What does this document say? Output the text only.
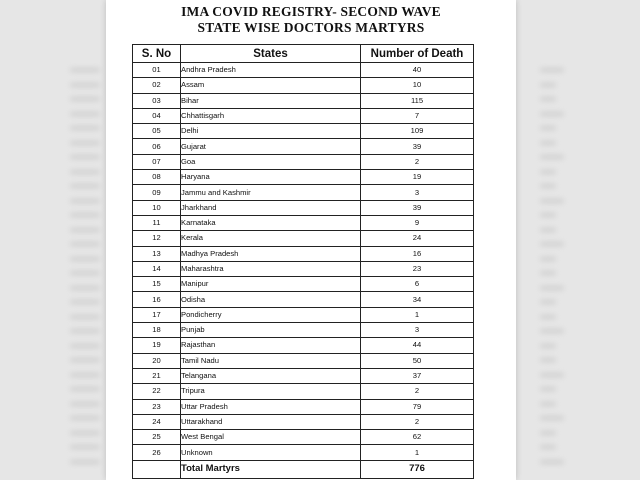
IMA COVID REGISTRY- SECOND WAVE
STATE WISE DOCTORS MARTYRS
S. No	States	Number of Death
01	Andhra Pradesh	40
02	Assam	10
03	Bihar	115
04	Chhattisgarh	7
05	Delhi	109
06	Gujarat	39
07	Goa	2
08	Haryana	19
09	Jammu and Kashmir	3
10	Jharkhand	39
11	Karnataka	9
12	Kerala	24
13	Madhya Pradesh	16
14	Maharashtra	23
15	Manipur	6
16	Odisha	34
17	Pondicherry	1
18	Punjab	3
19	Rajasthan	44
20	Tamil Nadu	50
21	Telangana	37
22	Tripura	2
23	Uttar Pradesh	79
24	Uttarakhand	2
25	West Bengal	62
26	Unknown	1
	Total Martyrs	776
